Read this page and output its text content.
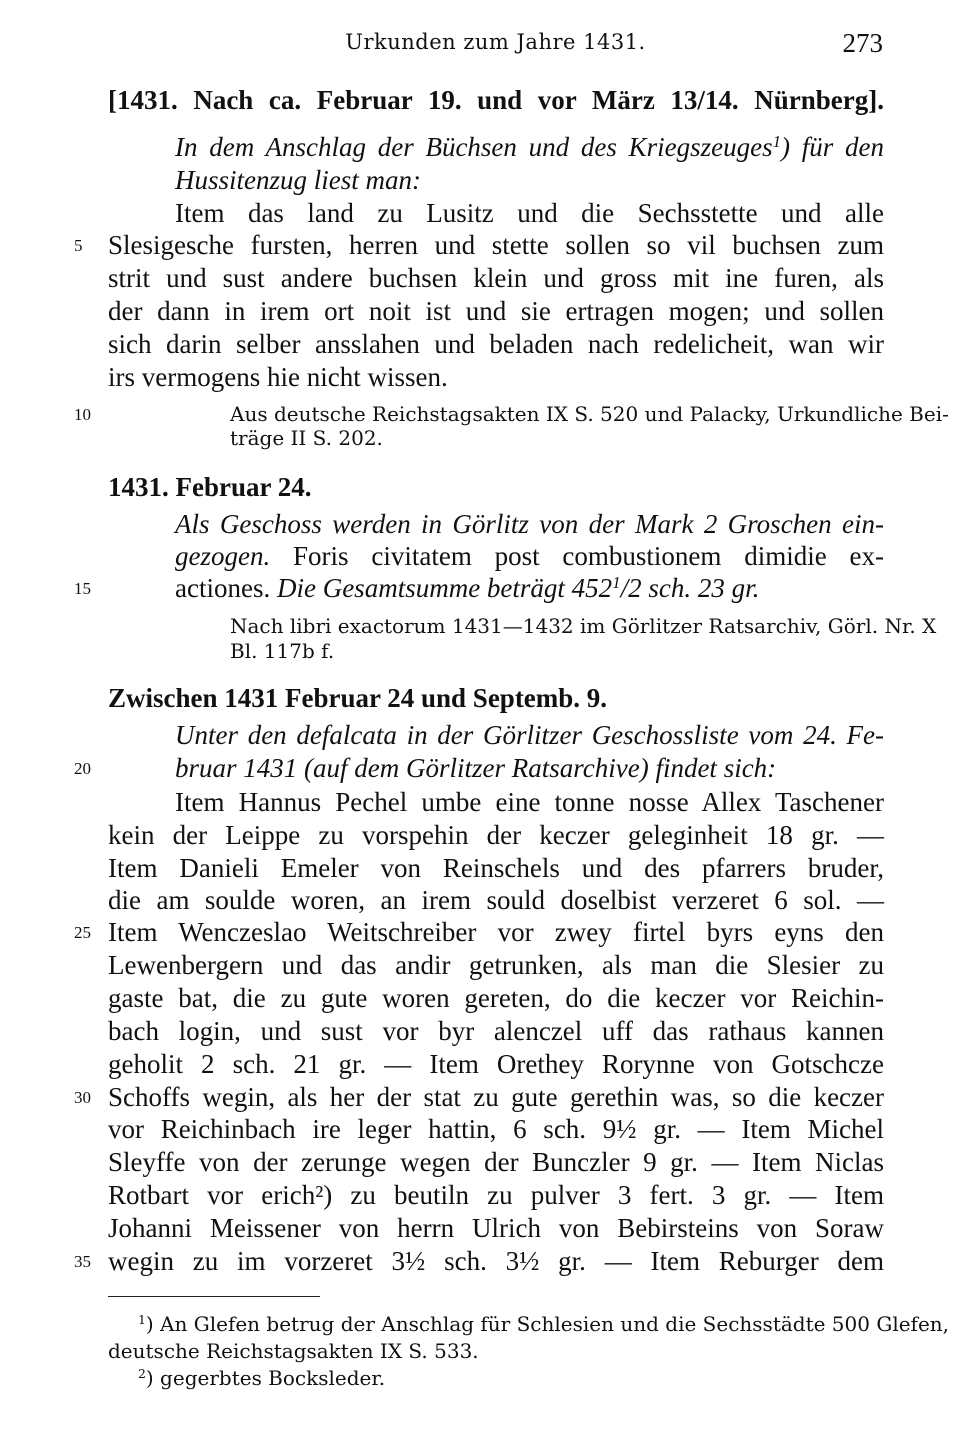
Urkunden zum Jahre 1431.	273
[1431. Nach ca. Februar 19. und vor März 13/14. Nürnberg].
In dem Anschlag der Büchsen und des Kriegszeuges$^1$) für den
Hussitenzug liest man:
Item das land zu Lusitz und die Sechsstette und alle
Slesigesche fursten, herren und stette sollen so vil buchsen zum
strit und sust andere buchsen klein und gross mit ine furen, als
der dann in irem ort noit ist und sie ertragen mogen; und sollen
sich darin selber ansslahen und beladen nach redelicheit, wan wir
irs vermogens hie nicht wissen.
Aus deutsche Reichstagsakten IX S. 520 und Palacky, Urkundliche Bei-
träge II S. 202.
1431. Februar 24.
Als Geschoss werden in Görlitz von der Mark 2 Groschen ein-
gezogen. Foris civitatem post combustionem dimidie ex-
actiones. Die Gesamtsumme beträgt $452^1/2$ sch. 23 gr.
Nach libri exactorum 1431—1432 im Görlitzer Ratsarchiv, Görl. Nr. X
Bl. 117b f.
Zwischen 1431 Februar 24 und Septemb. 9.
Unter den defalcata in der Görlitzer Geschossliste vom 24. Fe-
bruar 1431 (auf dem Görlitzer Ratsarchive) findet sich:
Item Hannus Pechel umbe eine tonne nosse Allex Taschener
kein der Leippe zu vorspehin der keczer geleginheit 18 gr. —
Item Danieli Emeler von Reinschels und des pfarrers bruder,
die am soulde woren, an irem sould doselbist verzeret 6 sol. —
Item Wenczeslao Weitschreiber vor zwey firtel byrs eyns den
Lewenbergern und das andir getrunken, als man die Slesier zu
gaste bat, die zu gute woren gereten, do die keczer vor Reichin-
bach login, und sust vor byr alenczel uff das rathaus kannen
geholit 2 sch. 21 gr. — Item Orethey Rorynne von Gotschcze
Schoffs wegin, als her der stat zu gute gerethin was, so die keczer
vor Reichinbach ire leger hattin, 6 sch. 9½ gr. — Item Michel
Sleyffe von der zerunge wegen der Bunczler 9 gr. — Item Niclas
Rotbart vor erich²) zu beutiln zu pulver 3 fert. 3 gr. — Item
Johanni Meissener von herrn Ulrich von Bebirsteins von Soraw
wegin zu im vorzeret 3½ sch. 3½ gr. — Item Reburger dem
5
10
15
20
25
30
35
$^1$) An Glefen betrug der Anschlag für Schlesien und die Sechsstädte 500 Glefen,
deutsche Reichstagsakten IX S. 533.
$^2$) gegerbtes Bocksleder.
